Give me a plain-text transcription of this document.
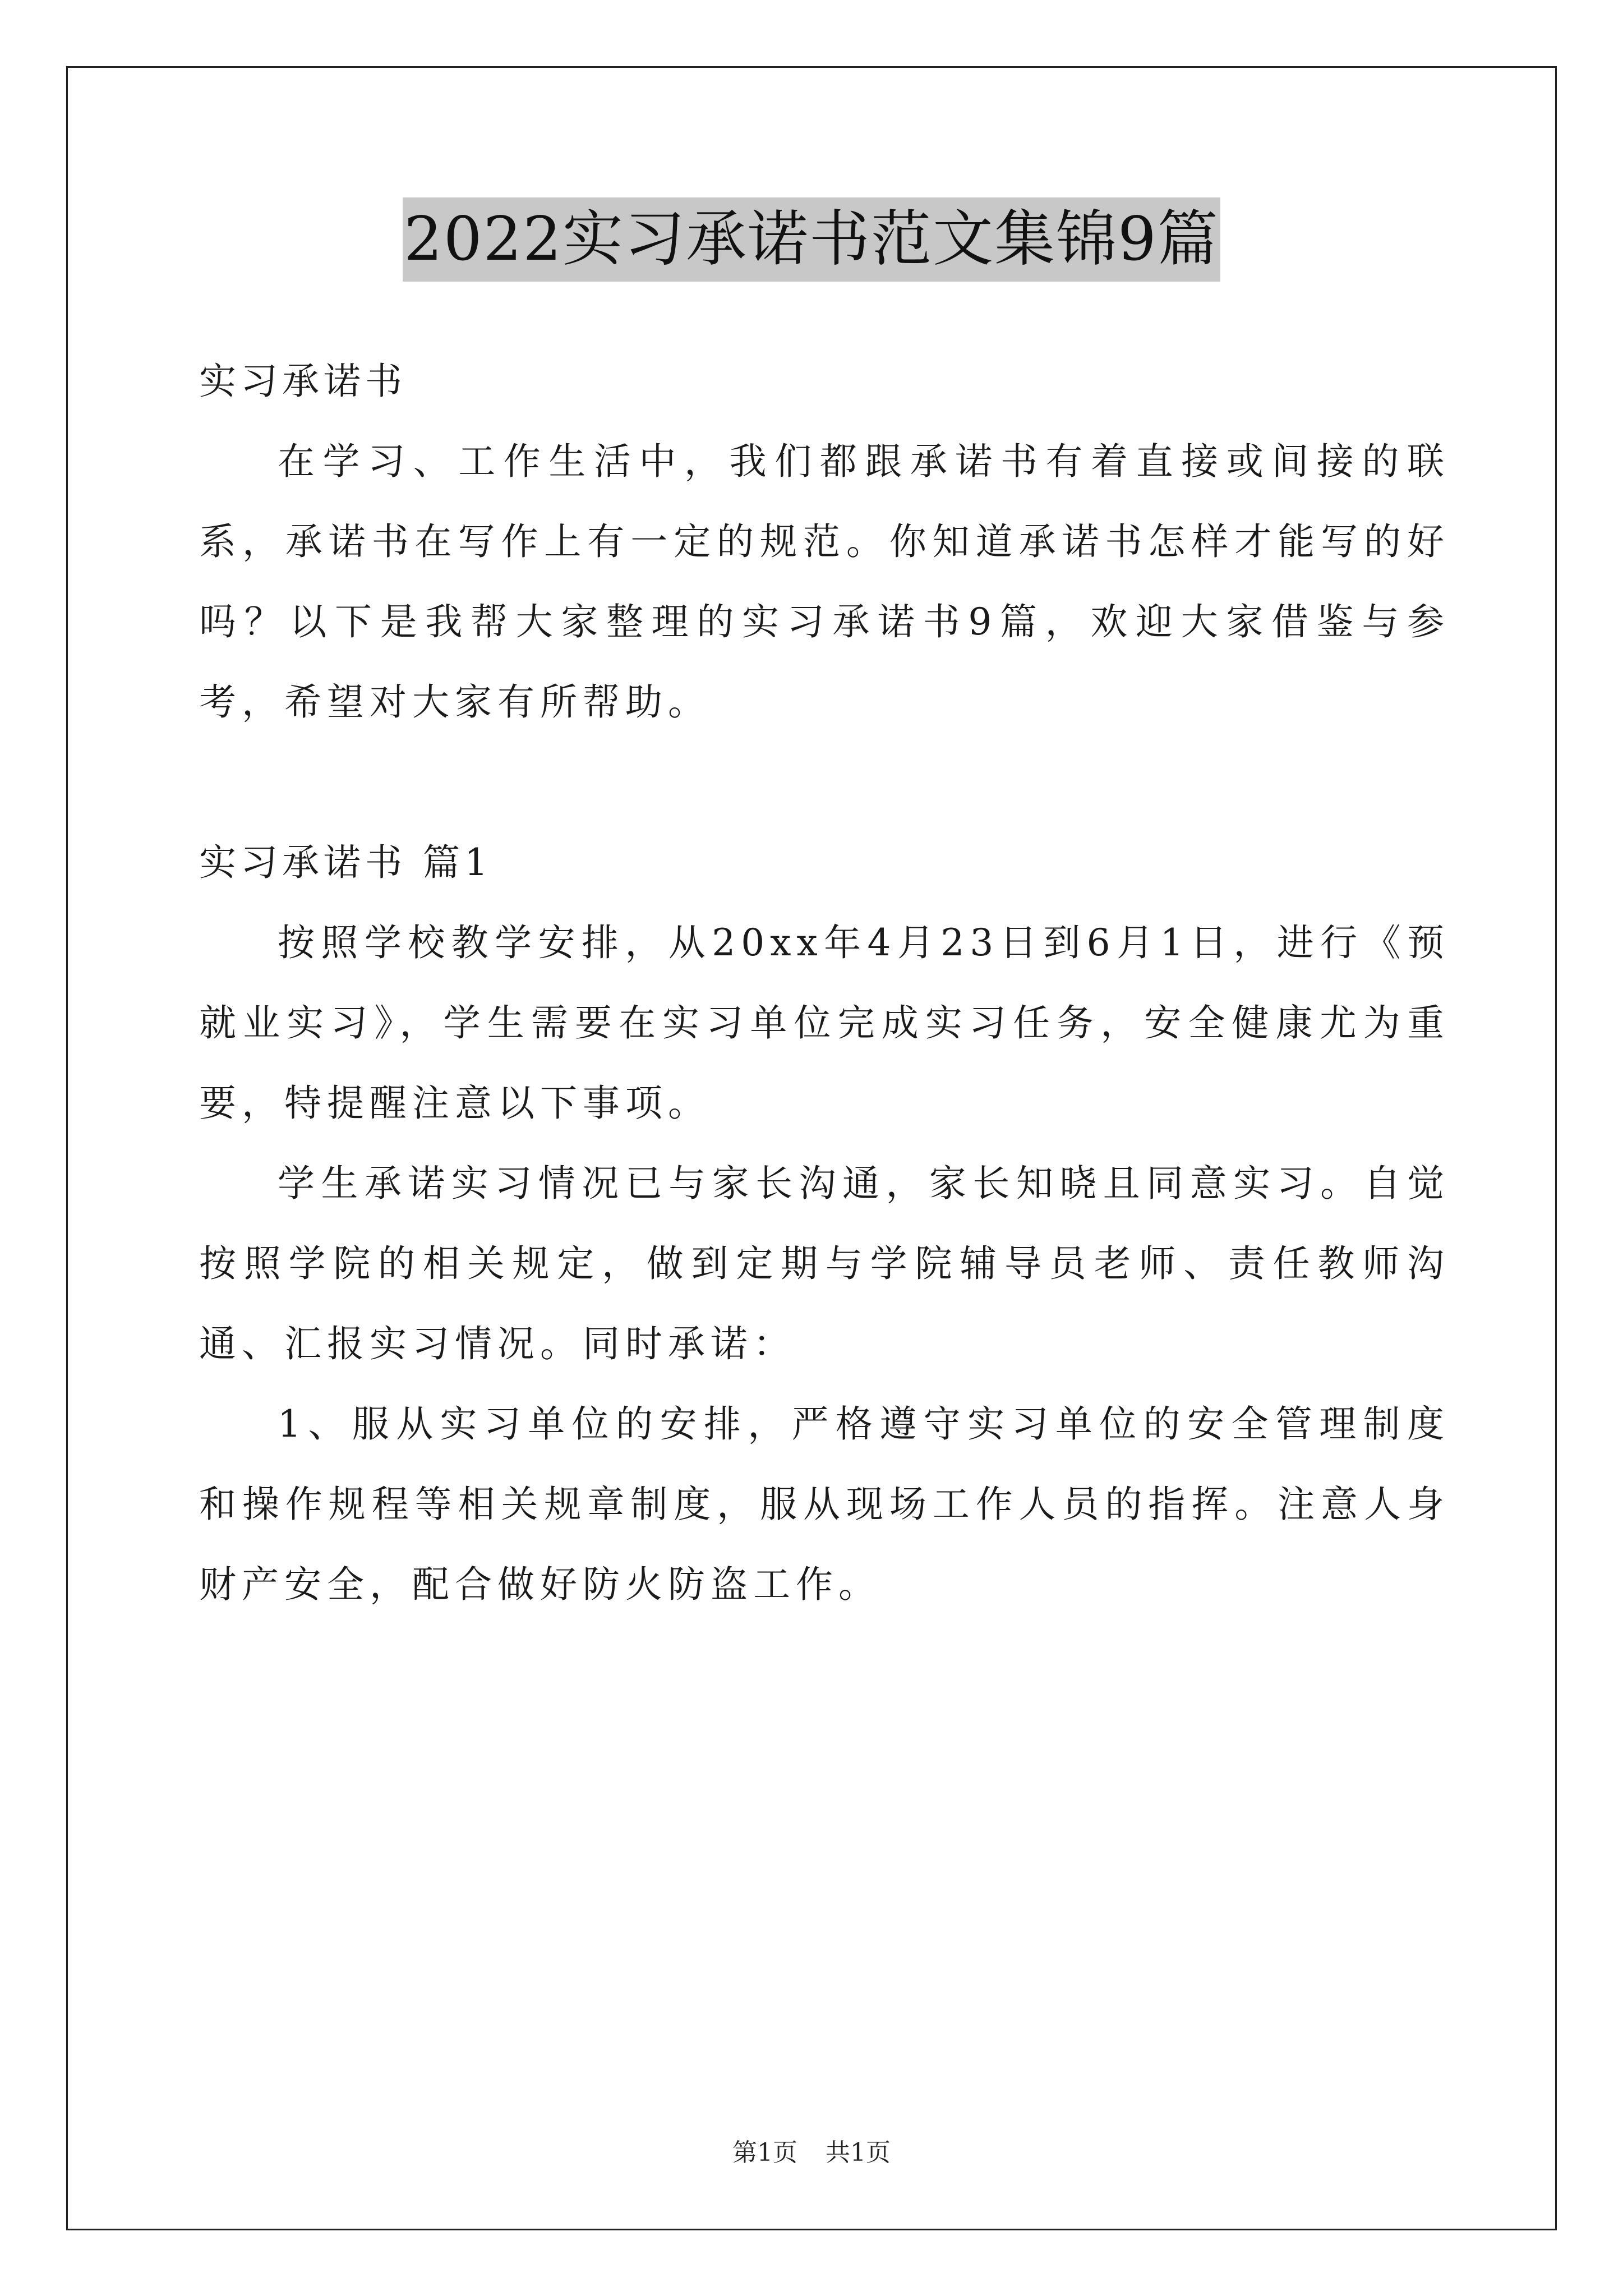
2022实习承诺书范文集锦9篇

实习承诺书

在学习、工作生活中，我们都跟承诺书有着直接或间接的联系，承诺书在写作上有一定的规范。你知道承诺书怎样才能写的好吗？以下是我帮大家整理的实习承诺书9篇，欢迎大家借鉴与参考，希望对大家有所帮助。

实习承诺书 篇1

按照学校教学安排，从20xx年4月23日到6月1日，进行《预就业实习》，学生需要在实习单位完成实习任务，安全健康尤为重要，特提醒注意以下事项。

学生承诺实习情况已与家长沟通，家长知晓且同意实习。自觉按照学院的相关规定，做到定期与学院辅导员老师、责任教师沟通、汇报实习情况。同时承诺：

1、服从实习单位的安排，严格遵守实习单位的安全管理制度和操作规程等相关规章制度，服从现场工作人员的指挥。注意人身财产安全，配合做好防火防盗工作。

第1页 共1页
